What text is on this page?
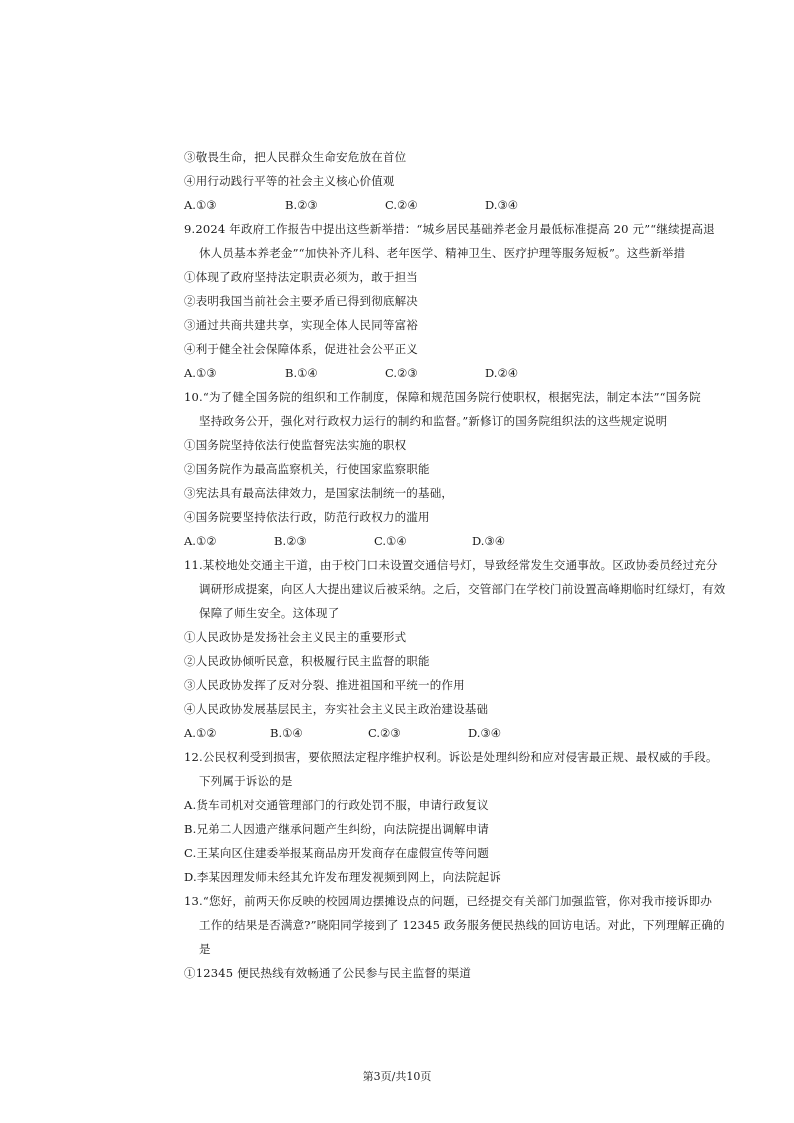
③敬畏生命，把人民群众生命安危放在首位
④用行动践行平等的社会主义核心价值观
A.①③	B.②③	C.②④	D.③④
9.2024 年政府工作报告中提出这些新举措：“城乡居民基础养老金月最低标准提高 20 元”“继续提高退
休人员基本养老金”“加快补齐儿科、老年医学、精神卫生、医疗护理等服务短板”。这些新举措
①体现了政府坚持法定职责必须为，敢于担当
②表明我国当前社会主要矛盾已得到彻底解决
③通过共商共建共享，实现全体人民同等富裕
④利于健全社会保障体系，促进社会公平正义
A.①③	B.①④	C.②③	D.②④
10.“为了健全国务院的组织和工作制度，保障和规范国务院行使职权，根据宪法，制定本法”“国务院
坚持政务公开，强化对行政权力运行的制约和监督。”新修订的国务院组织法的这些规定说明
①国务院坚持依法行使监督宪法实施的职权
②国务院作为最高监察机关，行使国家监察职能
③宪法具有最高法律效力，是国家法制统一的基础，
④国务院要坚持依法行政，防范行政权力的滥用
A.①②	B.②③	C.①④	D.③④
11.某校地处交通主干道，由于校门口未设置交通信号灯，导致经常发生交通事故。区政协委员经过充分
调研形成提案，向区人大提出建议后被采纳。之后，交管部门在学校门前设置高峰期临时红绿灯，有效
保障了师生安全。这体现了
①人民政协是发扬社会主义民主的重要形式
②人民政协倾听民意，积极履行民主监督的职能
③人民政协发挥了反对分裂、推进祖国和平统一的作用
④人民政协发展基层民主，夯实社会主义民主政治建设基础
A.①②	B.①④	C.②③	D.③④
12.公民权利受到损害，要依照法定程序维护权利。诉讼是处理纠纷和应对侵害最正规、最权威的手段。
下列属于诉讼的是
A.货车司机对交通管理部门的行政处罚不服，申请行政复议
B.兄弟二人因遗产继承问题产生纠纷，向法院提出调解申请
C.王某向区住建委举报某商品房开发商存在虚假宣传等问题
D.李某因理发师未经其允许发布理发视频到网上，向法院起诉
13.“您好，前两天你反映的校园周边摆摊设点的问题，已经提交有关部门加强监管，你对我市接诉即办
工作的结果是否满意?”晓阳同学接到了 12345 政务服务便民热线的回访电话。对此，下列理解正确的
是
①12345 便民热线有效畅通了公民参与民主监督的渠道
第3页/共10页
